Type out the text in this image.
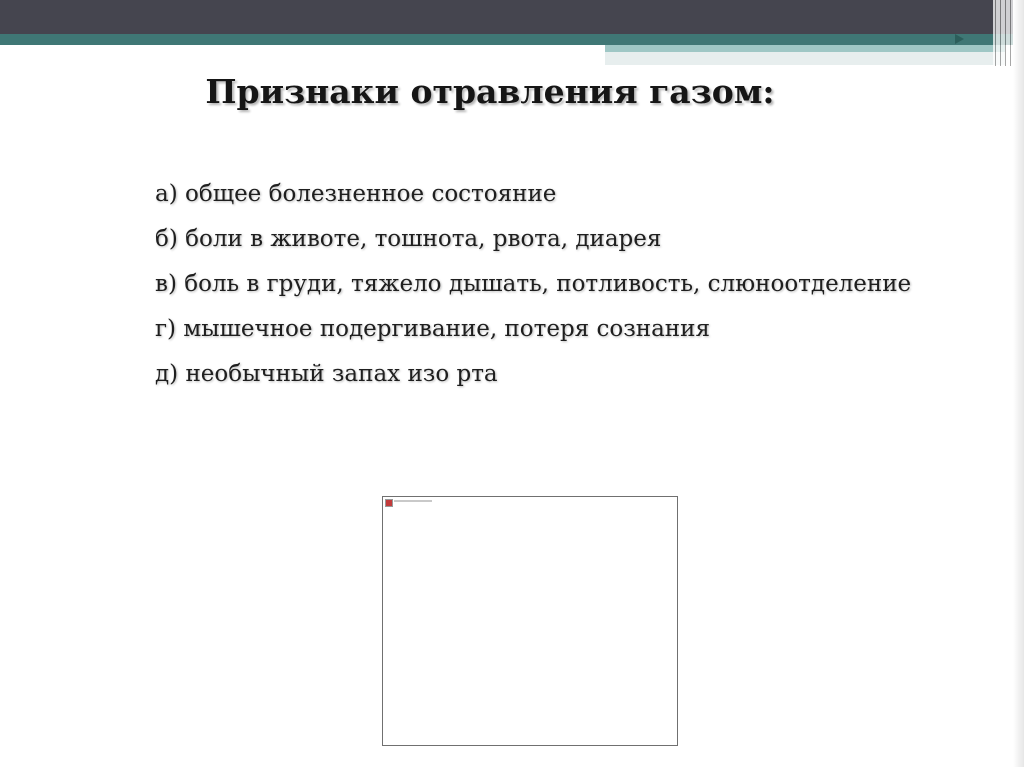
Признаки отравления газом:

а) общее болезненное состояние

б) боли в животе, тошнота, рвота, диарея

в) боль в груди, тяжело дышать, потливость, слюноотделение

г) мышечное подергивание, потеря сознания

д) необычный запах изо рта
